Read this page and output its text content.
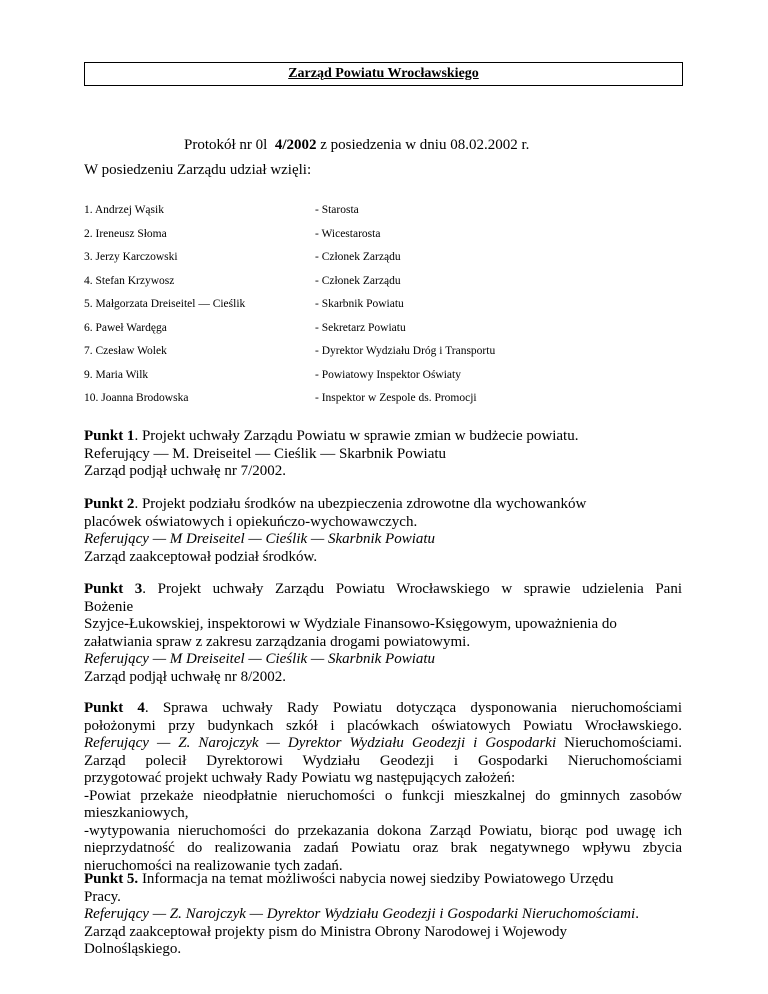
Zarząd Powiatu Wrocławskiego
Protokół nr 0l 4/2002 z posiedzenia w dniu 08.02.2002 r.
W posiedzeniu Zarządu udział wzięli:
1. Andrzej Wąsik	- Starosta
2. Ireneusz Słoma	- Wicestarosta
3. Jerzy Karczowski	- Członek Zarządu
4. Stefan Krzywosz	- Członek Zarządu
5. Małgorzata Dreiseitel — Cieślik	- Skarbnik Powiatu
6. Paweł Wardęga	- Sekretarz Powiatu
7. Czesław Wolek	- Dyrektor Wydziału Dróg i Transportu
9. Maria Wilk	- Powiatowy Inspektor Oświaty
10. Joanna Brodowska	- Inspektor w Zespole ds. Promocji

Punkt 1. Projekt uchwały Zarządu Powiatu w sprawie zmian w budżecie powiatu.

Referujący — M. Dreiseitel — Cieślik — Skarbnik Powiatu

Zarząd podjął uchwałę nr 7/2002.

Punkt 2. Projekt podziału środków na ubezpieczenia zdrowotne dla wychowanków

placówek oświatowych i opiekuńczo-wychowawczych.

Referujący — M Dreiseitel — Cieślik — Skarbnik Powiatu

Zarząd zaakceptował podział środków.

Punkt 3. Projekt uchwały Zarządu Powiatu Wrocławskiego w sprawie udzielenia Pani

Bożenie

Szyjce-Łukowskiej, inspektorowi w Wydziale Finansowo-Księgowym, upoważnienia do

załatwiania spraw z zakresu zarządzania drogami powiatowymi.

Referujący — M Dreiseitel — Cieślik — Skarbnik Powiatu

Zarząd podjął uchwałę nr 8/2002.

Punkt 4. Sprawa uchwały Rady Powiatu dotycząca dysponowania nieruchomościami

położonymi przy budynkach szkół i placówkach oświatowych Powiatu Wrocławskiego.

Referujący — Z. Narojczyk — Dyrektor Wydziału Geodezji i Gospodarki Nieruchomościami.

Zarząd polecił Dyrektorowi Wydziału Geodezji i Gospodarki Nieruchomościami

przygotować projekt uchwały Rady Powiatu wg następujących założeń:

-Powiat przekaże nieodpłatnie nieruchomości o funkcji mieszkalnej do gminnych zasobów

mieszkaniowych,

-wytypowania nieruchomości do przekazania dokona Zarząd Powiatu, biorąc pod uwagę ich

nieprzydatność do realizowania zadań Powiatu oraz brak negatywnego wpływu zbycia

nieruchomości na realizowanie tych zadań.

Punkt 5. Informacja na temat możliwości nabycia nowej siedziby Powiatowego Urzędu

Pracy.

Referujący — Z. Narojczyk — Dyrektor Wydziału Geodezji i Gospodarki Nieruchomościami.

Zarząd zaakceptował projekty pism do Ministra Obrony Narodowej i Wojewody

Dolnośląskiego.
